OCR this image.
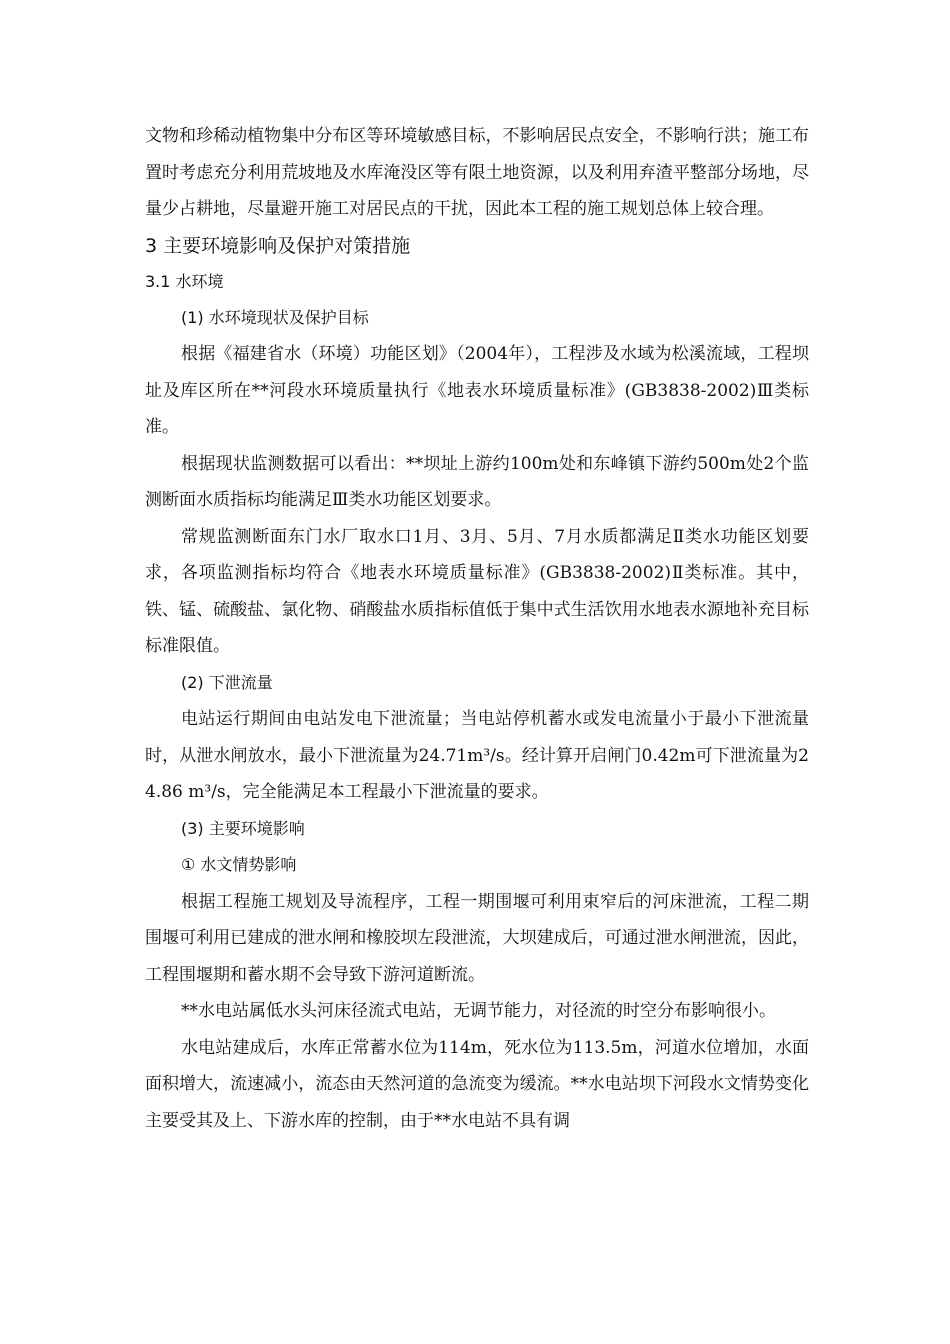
文物和珍稀动植物集中分布区等环境敏感目标，不影响居民点安全，不影响行洪；施工布置时考虑充分利用荒坡地及水库淹没区等有限土地资源，以及利用弃渣平整部分场地，尽量少占耕地，尽量避开施工对居民点的干扰，因此本工程的施工规划总体上较合理。

3 主要环境影响及保护对策措施
3.1 水环境

(1) 水环境现状及保护目标

根据《福建省水（环境）功能区划》（2004年），工程涉及水域为松溪流域，工程坝址及库区所在**河段水环境质量执行《地表水环境质量标准》(GB3838-2002)Ⅲ类标准。

根据现状监测数据可以看出：**坝址上游约100m处和东峰镇下游约500m处2个监测断面水质指标均能满足Ⅲ类水功能区划要求。

常规监测断面东门水厂取水口1月、3月、5月、7月水质都满足Ⅱ类水功能区划要求，各项监测指标均符合《地表水环境质量标准》(GB3838-2002)Ⅱ类标准。其中，铁、锰、硫酸盐、氯化物、硝酸盐水质指标值低于集中式生活饮用水地表水源地补充目标标准限值。

(2) 下泄流量

电站运行期间由电站发电下泄流量；当电站停机蓄水或发电流量小于最小下泄流量时，从泄水闸放水，最小下泄流量为24.71m³/s。经计算开启闸门0.42m可下泄流量为24.86 m³/s，完全能满足本工程最小下泄流量的要求。

(3) 主要环境影响

① 水文情势影响

根据工程施工规划及导流程序，工程一期围堰可利用束窄后的河床泄流，工程二期围堰可利用已建成的泄水闸和橡胶坝左段泄流，大坝建成后，可通过泄水闸泄流，因此，工程围堰期和蓄水期不会导致下游河道断流。

**水电站属低水头河床径流式电站，无调节能力，对径流的时空分布影响很小。

水电站建成后，水库正常蓄水位为114m，死水位为113.5m，河道水位增加，水面面积增大，流速减小，流态由天然河道的急流变为缓流。**水电站坝下河段水文情势变化主要受其及上、下游水库的控制，由于**水电站不具有调
